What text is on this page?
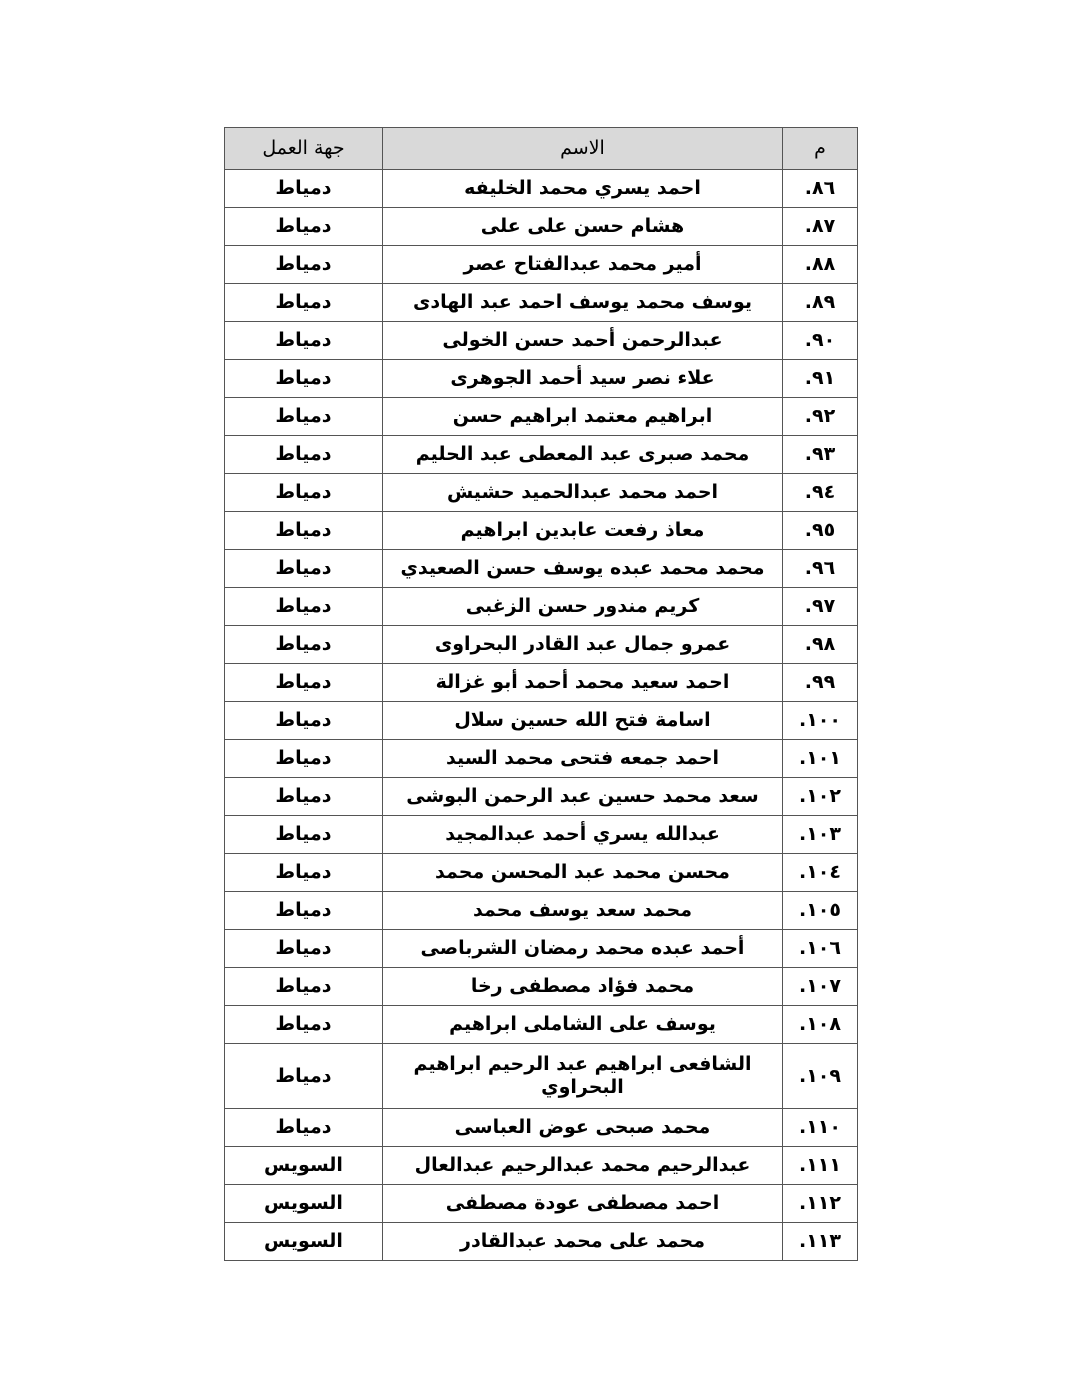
م	الاسم	جهة العمل
٨٦.	احمد يسري محمد الخليفه	دمياط
٨٧.	هشام حسن على على	دمياط
٨٨.	أمير محمد عبدالفتاح عصر	دمياط
٨٩.	يوسف محمد يوسف احمد عبد الهادى	دمياط
٩٠.	عبدالرحمن أحمد حسن الخولى	دمياط
٩١.	علاء نصر سيد أحمد الجوهرى	دمياط
٩٢.	ابراهيم معتمد ابراهيم حسن	دمياط
٩٣.	محمد صبرى عبد المعطى عبد الحليم	دمياط
٩٤.	احمد محمد عبدالحميد حشيش	دمياط
٩٥.	معاذ رفعت عابدين ابراهيم	دمياط
٩٦.	محمد محمد عبده يوسف حسن الصعيدي	دمياط
٩٧.	كريم مندور حسن الزغبى	دمياط
٩٨.	عمرو جمال عبد القادر البحراوى	دمياط
٩٩.	احمد سعيد محمد أحمد أبو غزالة	دمياط
١٠٠.	اسامة فتح الله حسين سلال	دمياط
١٠١.	احمد جمعه فتحى محمد السيد	دمياط
١٠٢.	سعد محمد حسين عبد الرحمن البوشى	دمياط
١٠٣.	عبدالله يسري أحمد عبدالمجيد	دمياط
١٠٤.	محسن محمد عبد المحسن محمد	دمياط
١٠٥.	محمد سعد يوسف محمد	دمياط
١٠٦.	أحمد عبده محمد رمضان الشرباصى	دمياط
١٠٧.	محمد فؤاد مصطفى رخا	دمياط
١٠٨.	يوسف على الشاملى ابراهيم	دمياط
١٠٩.	الشافعى ابراهيم عبد الرحيم ابراهيم البحراوي	دمياط
١١٠.	محمد صبحى عوض العباسى	دمياط
١١١.	عبدالرحيم محمد عبدالرحيم عبدالعال	السويس
١١٢.	احمد مصطفى عودة مصطفى	السويس
١١٣.	محمد على محمد عبدالقادر	السويس
